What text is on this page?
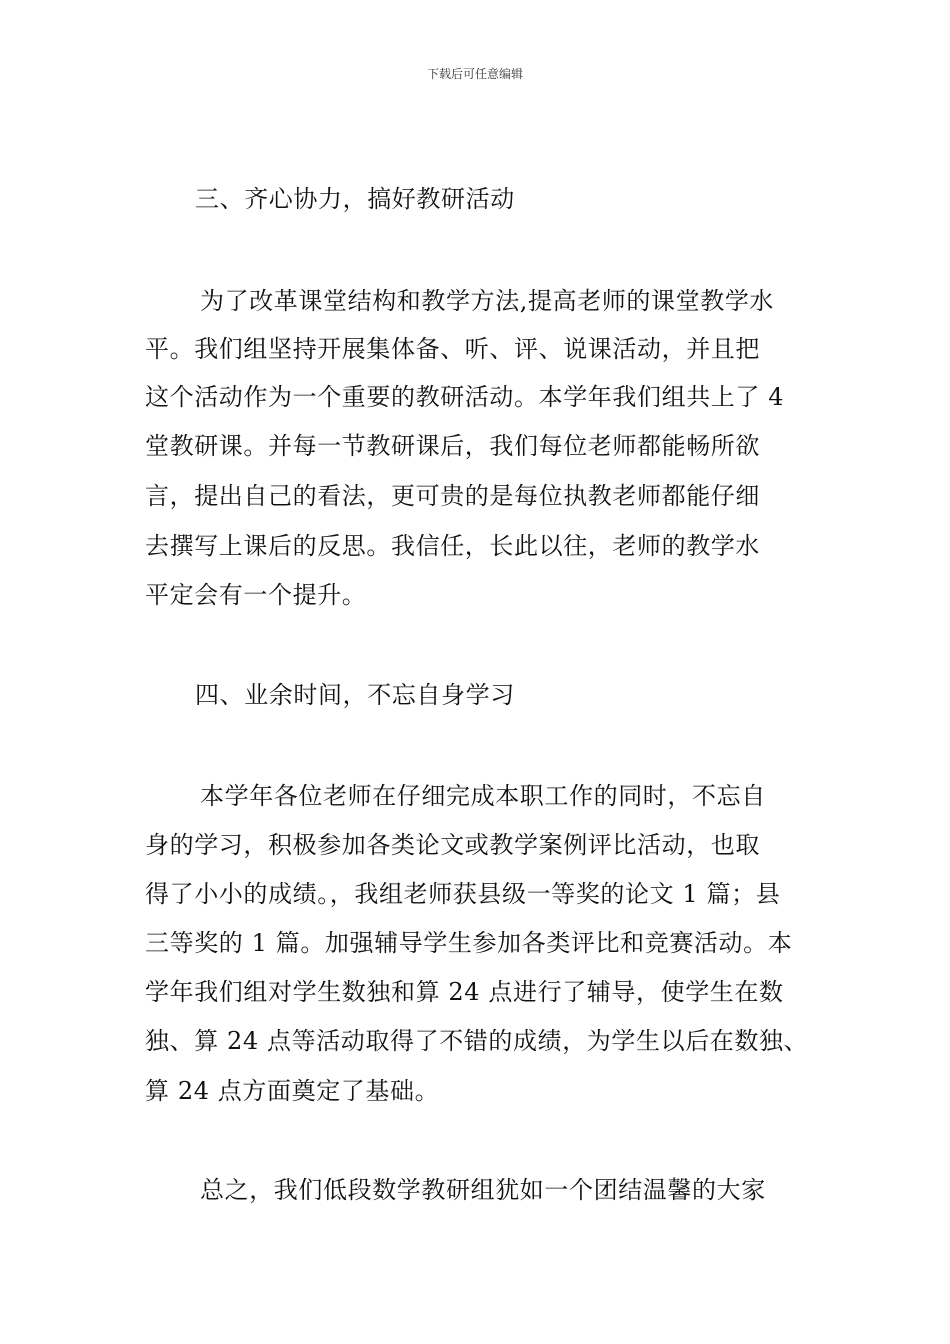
下载后可任意编辑
三、齐心协力，搞好教研活动
为了改革课堂结构和教学方法,提高老师的课堂教学水
平。我们组坚持开展集体备、听、评、说课活动，并且把
这个活动作为一个重要的教研活动。本学年我们组共上了 4
堂教研课。并每一节教研课后，我们每位老师都能畅所欲
言，提出自己的看法，更可贵的是每位执教老师都能仔细
去撰写上课后的反思。我信任，长此以往，老师的教学水
平定会有一个提升。
四、业余时间，不忘自身学习
本学年各位老师在仔细完成本职工作的同时，不忘自
身的学习，积极参加各类论文或教学案例评比活动，也取
得了小小的成绩。，我组老师获县级一等奖的论文 1 篇；县
三等奖的 1 篇。加强辅导学生参加各类评比和竞赛活动。本
学年我们组对学生数独和算 24 点进行了辅导，使学生在数
独、算 24 点等活动取得了不错的成绩，为学生以后在数独、
算 24 点方面奠定了基础。
总之，我们低段数学教研组犹如一个团结温馨的大家
